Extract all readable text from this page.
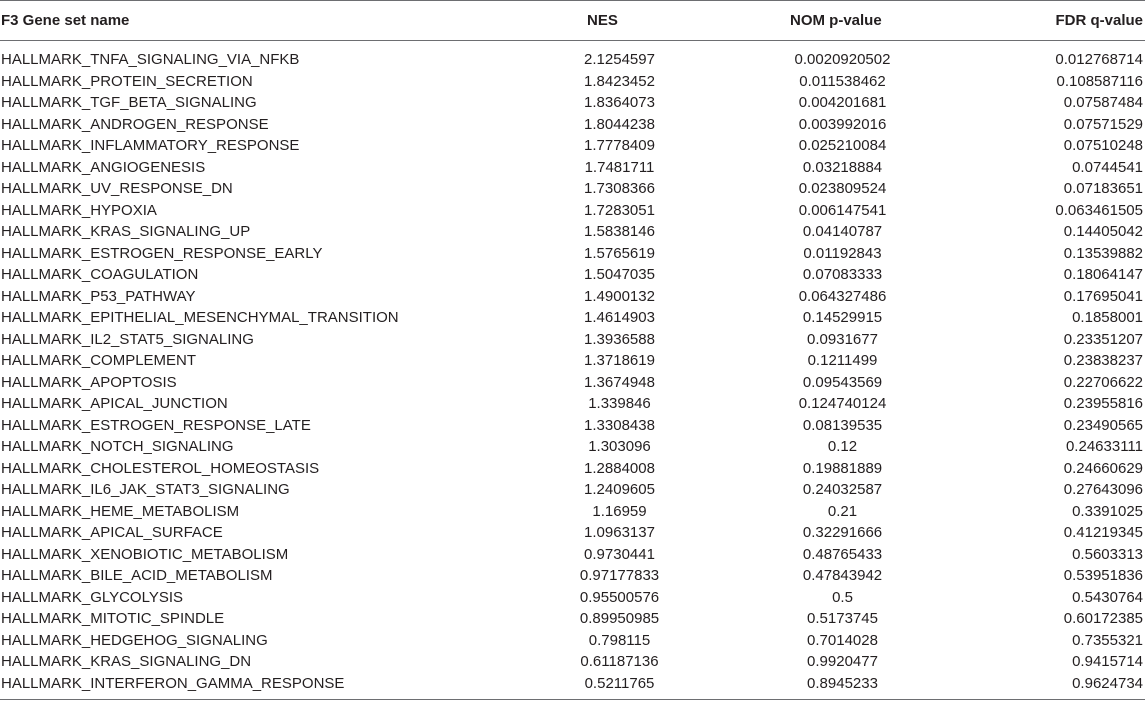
F3 Gene set name	NES	NOM p-value	FDR q-value
HALLMARK_TNFA_SIGNALING_VIA_NFKB	2.1254597	0.0020920502	0.012768714
HALLMARK_PROTEIN_SECRETION	1.8423452	0.011538462	0.108587116
HALLMARK_TGF_BETA_SIGNALING	1.8364073	0.004201681	0.07587484
HALLMARK_ANDROGEN_RESPONSE	1.8044238	0.003992016	0.07571529
HALLMARK_INFLAMMATORY_RESPONSE	1.7778409	0.025210084	0.07510248
HALLMARK_ANGIOGENESIS	1.7481711	0.03218884	0.0744541
HALLMARK_UV_RESPONSE_DN	1.7308366	0.023809524	0.07183651
HALLMARK_HYPOXIA	1.7283051	0.006147541	0.063461505
HALLMARK_KRAS_SIGNALING_UP	1.5838146	0.04140787	0.14405042
HALLMARK_ESTROGEN_RESPONSE_EARLY	1.5765619	0.01192843	0.13539882
HALLMARK_COAGULATION	1.5047035	0.07083333	0.18064147
HALLMARK_P53_PATHWAY	1.4900132	0.064327486	0.17695041
HALLMARK_EPITHELIAL_MESENCHYMAL_TRANSITION	1.4614903	0.14529915	0.1858001
HALLMARK_IL2_STAT5_SIGNALING	1.3936588	0.0931677	0.23351207
HALLMARK_COMPLEMENT	1.3718619	0.1211499	0.23838237
HALLMARK_APOPTOSIS	1.3674948	0.09543569	0.22706622
HALLMARK_APICAL_JUNCTION	1.339846	0.124740124	0.23955816
HALLMARK_ESTROGEN_RESPONSE_LATE	1.3308438	0.08139535	0.23490565
HALLMARK_NOTCH_SIGNALING	1.303096	0.12	0.24633111
HALLMARK_CHOLESTEROL_HOMEOSTASIS	1.2884008	0.19881889	0.24660629
HALLMARK_IL6_JAK_STAT3_SIGNALING	1.2409605	0.24032587	0.27643096
HALLMARK_HEME_METABOLISM	1.16959	0.21	0.3391025
HALLMARK_APICAL_SURFACE	1.0963137	0.32291666	0.41219345
HALLMARK_XENOBIOTIC_METABOLISM	0.9730441	0.48765433	0.5603313
HALLMARK_BILE_ACID_METABOLISM	0.97177833	0.47843942	0.53951836
HALLMARK_GLYCOLYSIS	0.95500576	0.5	0.5430764
HALLMARK_MITOTIC_SPINDLE	0.89950985	0.5173745	0.60172385
HALLMARK_HEDGEHOG_SIGNALING	0.798115	0.7014028	0.7355321
HALLMARK_KRAS_SIGNALING_DN	0.61187136	0.9920477	0.9415714
HALLMARK_INTERFERON_GAMMA_RESPONSE	0.5211765	0.8945233	0.9624734
